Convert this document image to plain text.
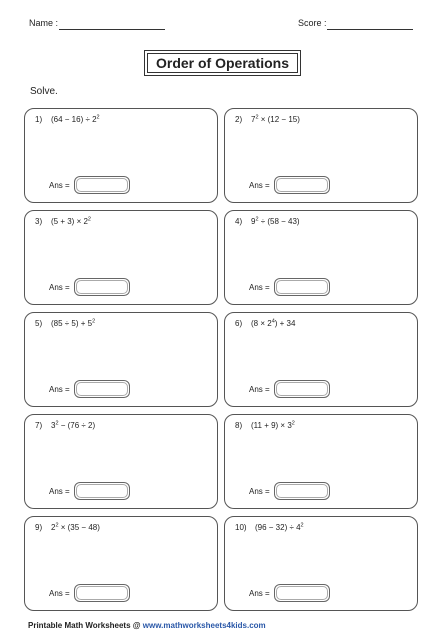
Name :	Score :
Order of Operations
Solve.
1) $(64 - 16) \div 2^2$
Ans =
2) $7^2 \times (12 - 15)$
Ans =
3) $(5 + 3) \times 2^2$
Ans =
4) $9^2 \div (58 - 43)$
Ans =
5) $(85 \div 5) + 5^2$
Ans =
6) $(8 \times 2^4) + 34$
Ans =
7) $3^2 - (76 \div 2)$
Ans =
8) $(11 + 9) \times 3^2$
Ans =
9) $2^2 \times (35 - 48)$
Ans =
10) $(96 - 32) \div 4^2$
Ans =
Printable Math Worksheets @ www.mathworksheets4kids.com
